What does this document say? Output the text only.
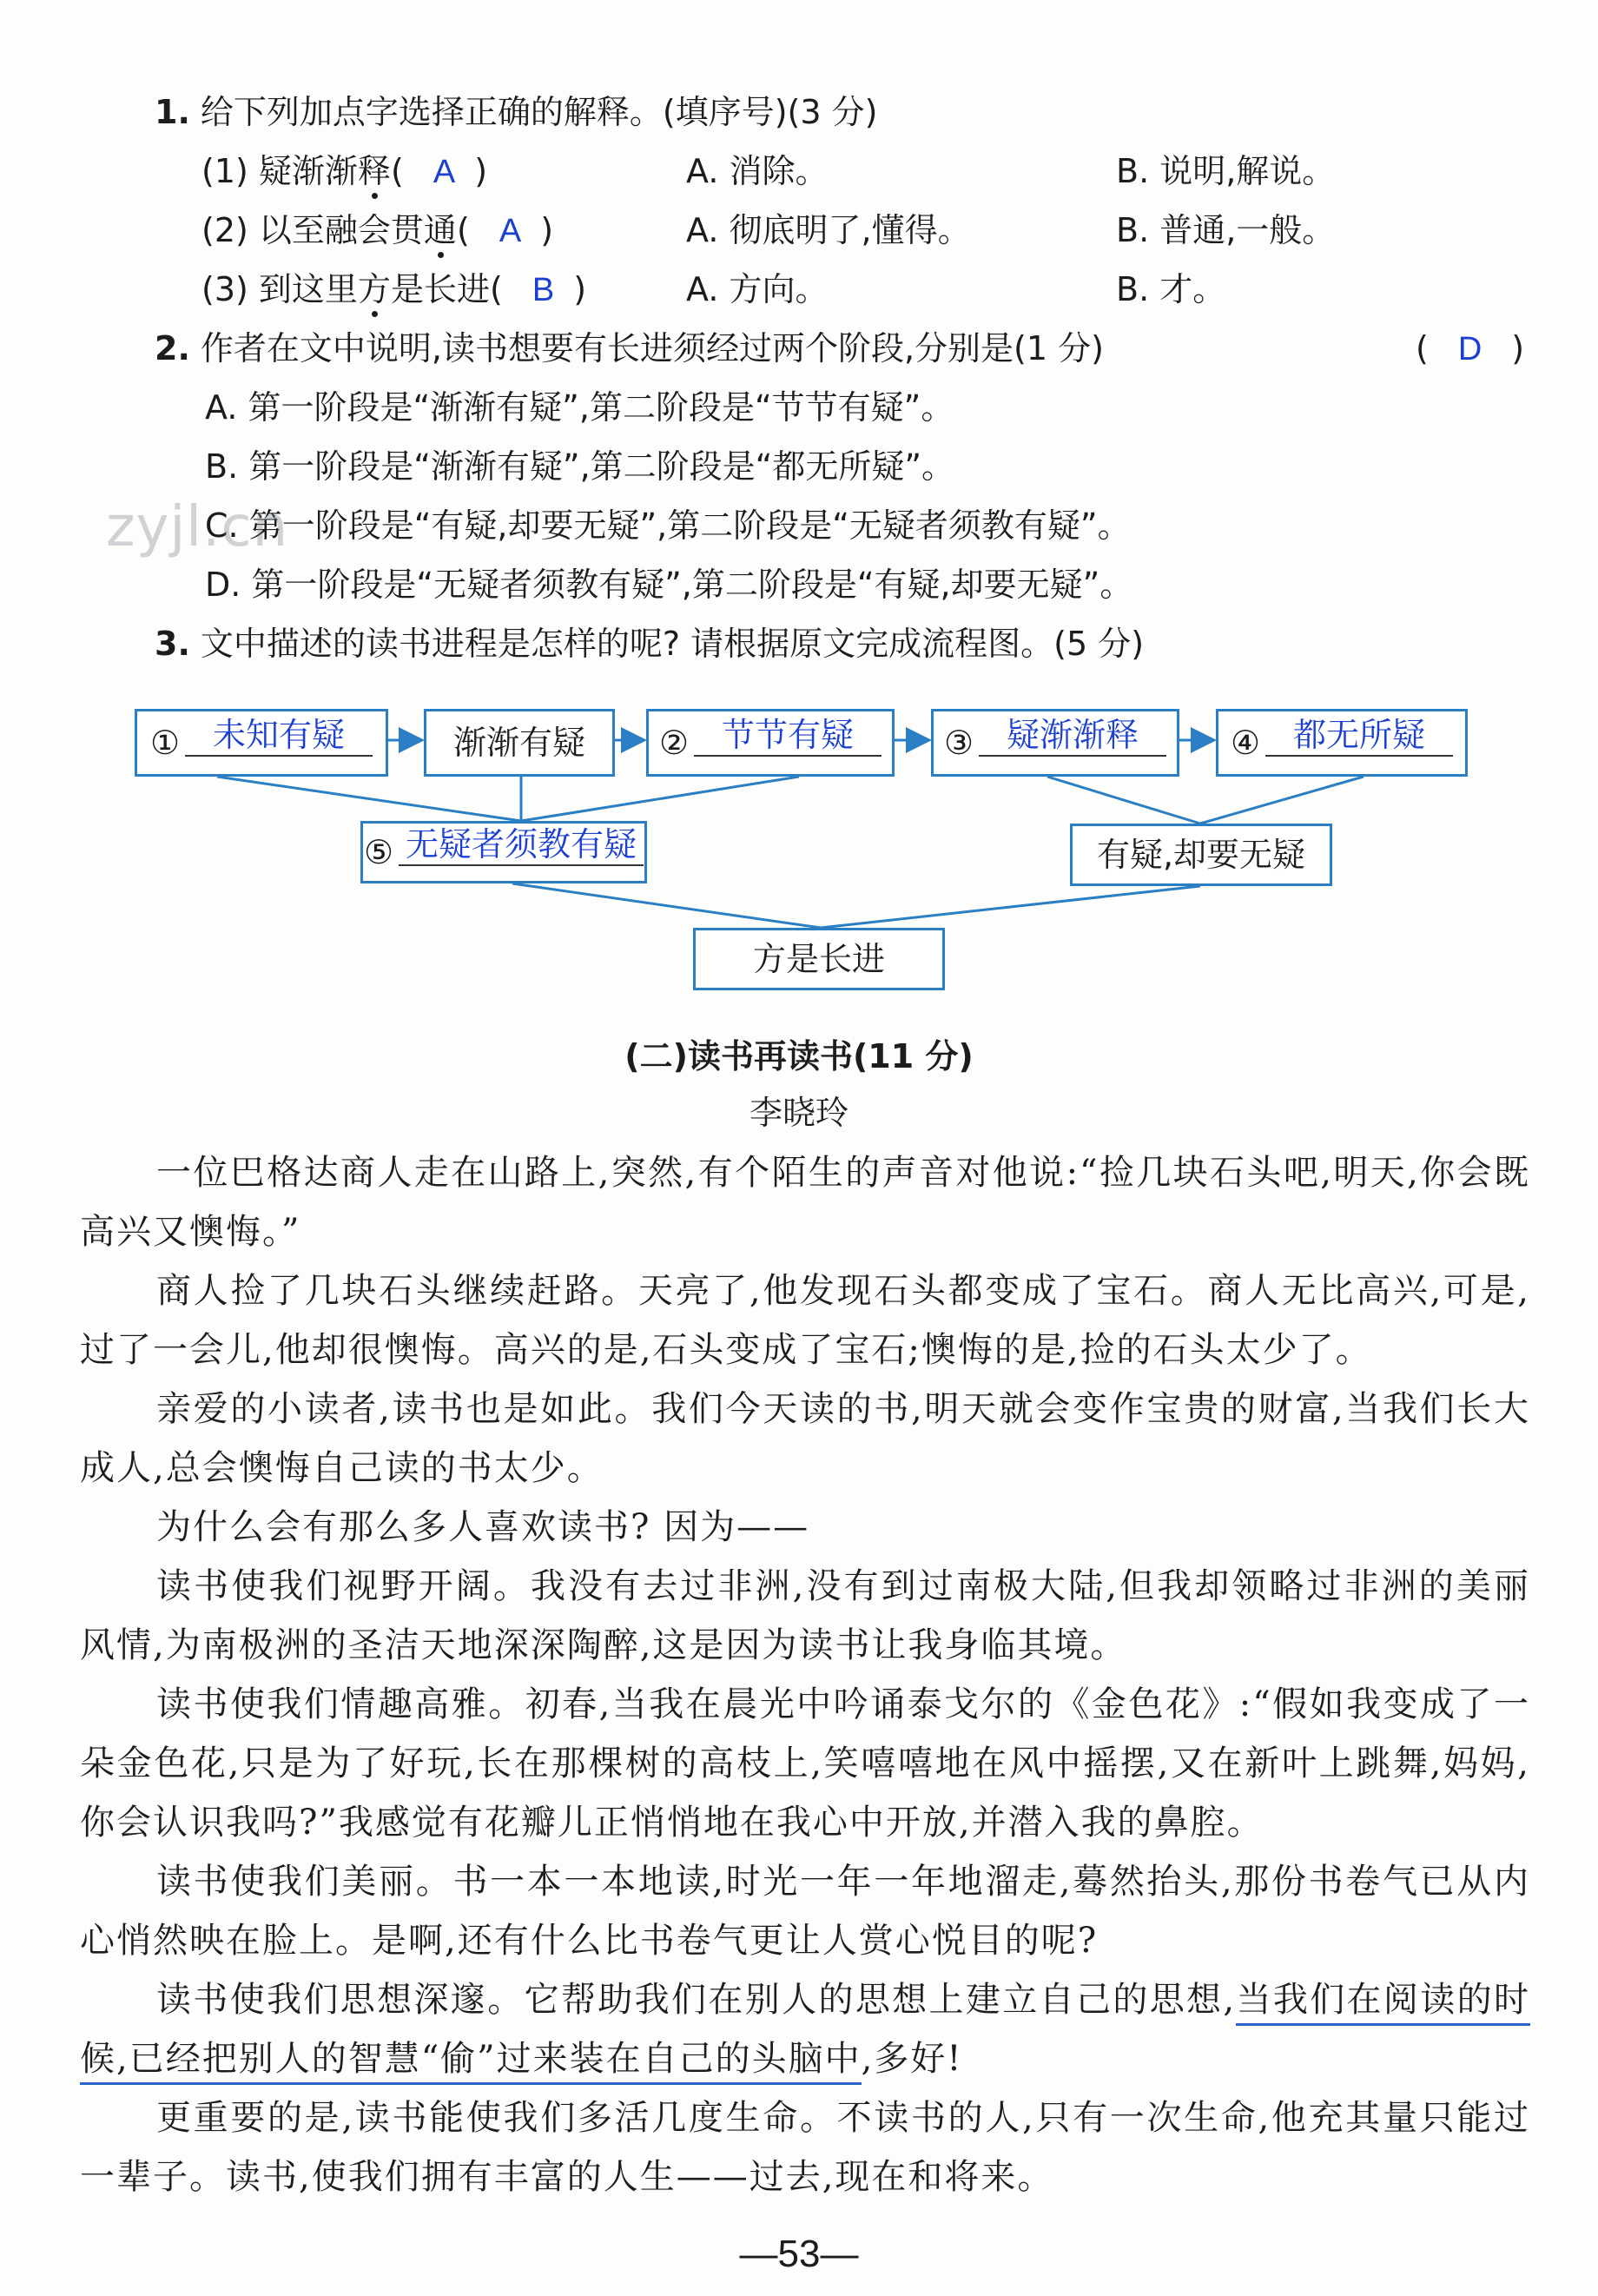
1. 给下列加点字选择正确的解释。(填序号)(3 分)
(1) 疑渐渐释( A )	A. 消除。	B. 说明,解说。
(2) 以至融会贯通( A )	A. 彻底明了,懂得。	B. 普通,一般。
(3) 到这里方是长进( B )	A. 方向。	B. 才。
2. 作者在文中说明,读书想要有长进须经过两个阶段,分别是(1 分)	( D )
A. 第一阶段是“渐渐有疑”,第二阶段是“节节有疑”。
B. 第一阶段是“渐渐有疑”,第二阶段是“都无所疑”。
C. 第一阶段是“有疑,却要无疑”,第二阶段是“无疑者须教有疑”。
D. 第一阶段是“无疑者须教有疑”,第二阶段是“有疑,却要无疑”。
zyjl.cn
3. 文中描述的读书进程是怎样的呢? 请根据原文完成流程图。(5 分)
① 未知有疑	渐渐有疑	② 节节有疑	③ 疑渐渐释	④ 都无所疑
⑤ 无疑者须教有疑	有疑,却要无疑
方是长进
(二)读书再读书(11 分)
李晓玲
一位巴格达商人走在山路上,突然,有个陌生的声音对他说:“捡几块石头吧,明天,你会既高兴又懊悔。”
商人捡了几块石头继续赶路。天亮了,他发现石头都变成了宝石。商人无比高兴,可是,过了一会儿,他却很懊悔。高兴的是,石头变成了宝石;懊悔的是,捡的石头太少了。
亲爱的小读者,读书也是如此。我们今天读的书,明天就会变作宝贵的财富,当我们长大成人,总会懊悔自己读的书太少。
为什么会有那么多人喜欢读书? 因为——
读书使我们视野开阔。我没有去过非洲,没有到过南极大陆,但我却领略过非洲的美丽风情,为南极洲的圣洁天地深深陶醉,这是因为读书让我身临其境。
读书使我们情趣高雅。初春,当我在晨光中吟诵泰戈尔的《金色花》:“假如我变成了一朵金色花,只是为了好玩,长在那棵树的高枝上,笑嘻嘻地在风中摇摆,又在新叶上跳舞,妈妈,你会认识我吗?”我感觉有花瓣儿正悄悄地在我心中开放,并潜入我的鼻腔。
读书使我们美丽。书一本一本地读,时光一年一年地溜走,蓦然抬头,那份书卷气已从内心悄然映在脸上。是啊,还有什么比书卷气更让人赏心悦目的呢?
读书使我们思想深邃。它帮助我们在别人的思想上建立自己的思想,当我们在阅读的时候,已经把别人的智慧“偷”过来装在自己的头脑中,多好!
更重要的是,读书能使我们多活几度生命。不读书的人,只有一次生命,他充其量只能过一辈子。读书,使我们拥有丰富的人生——过去,现在和将来。
—53—
